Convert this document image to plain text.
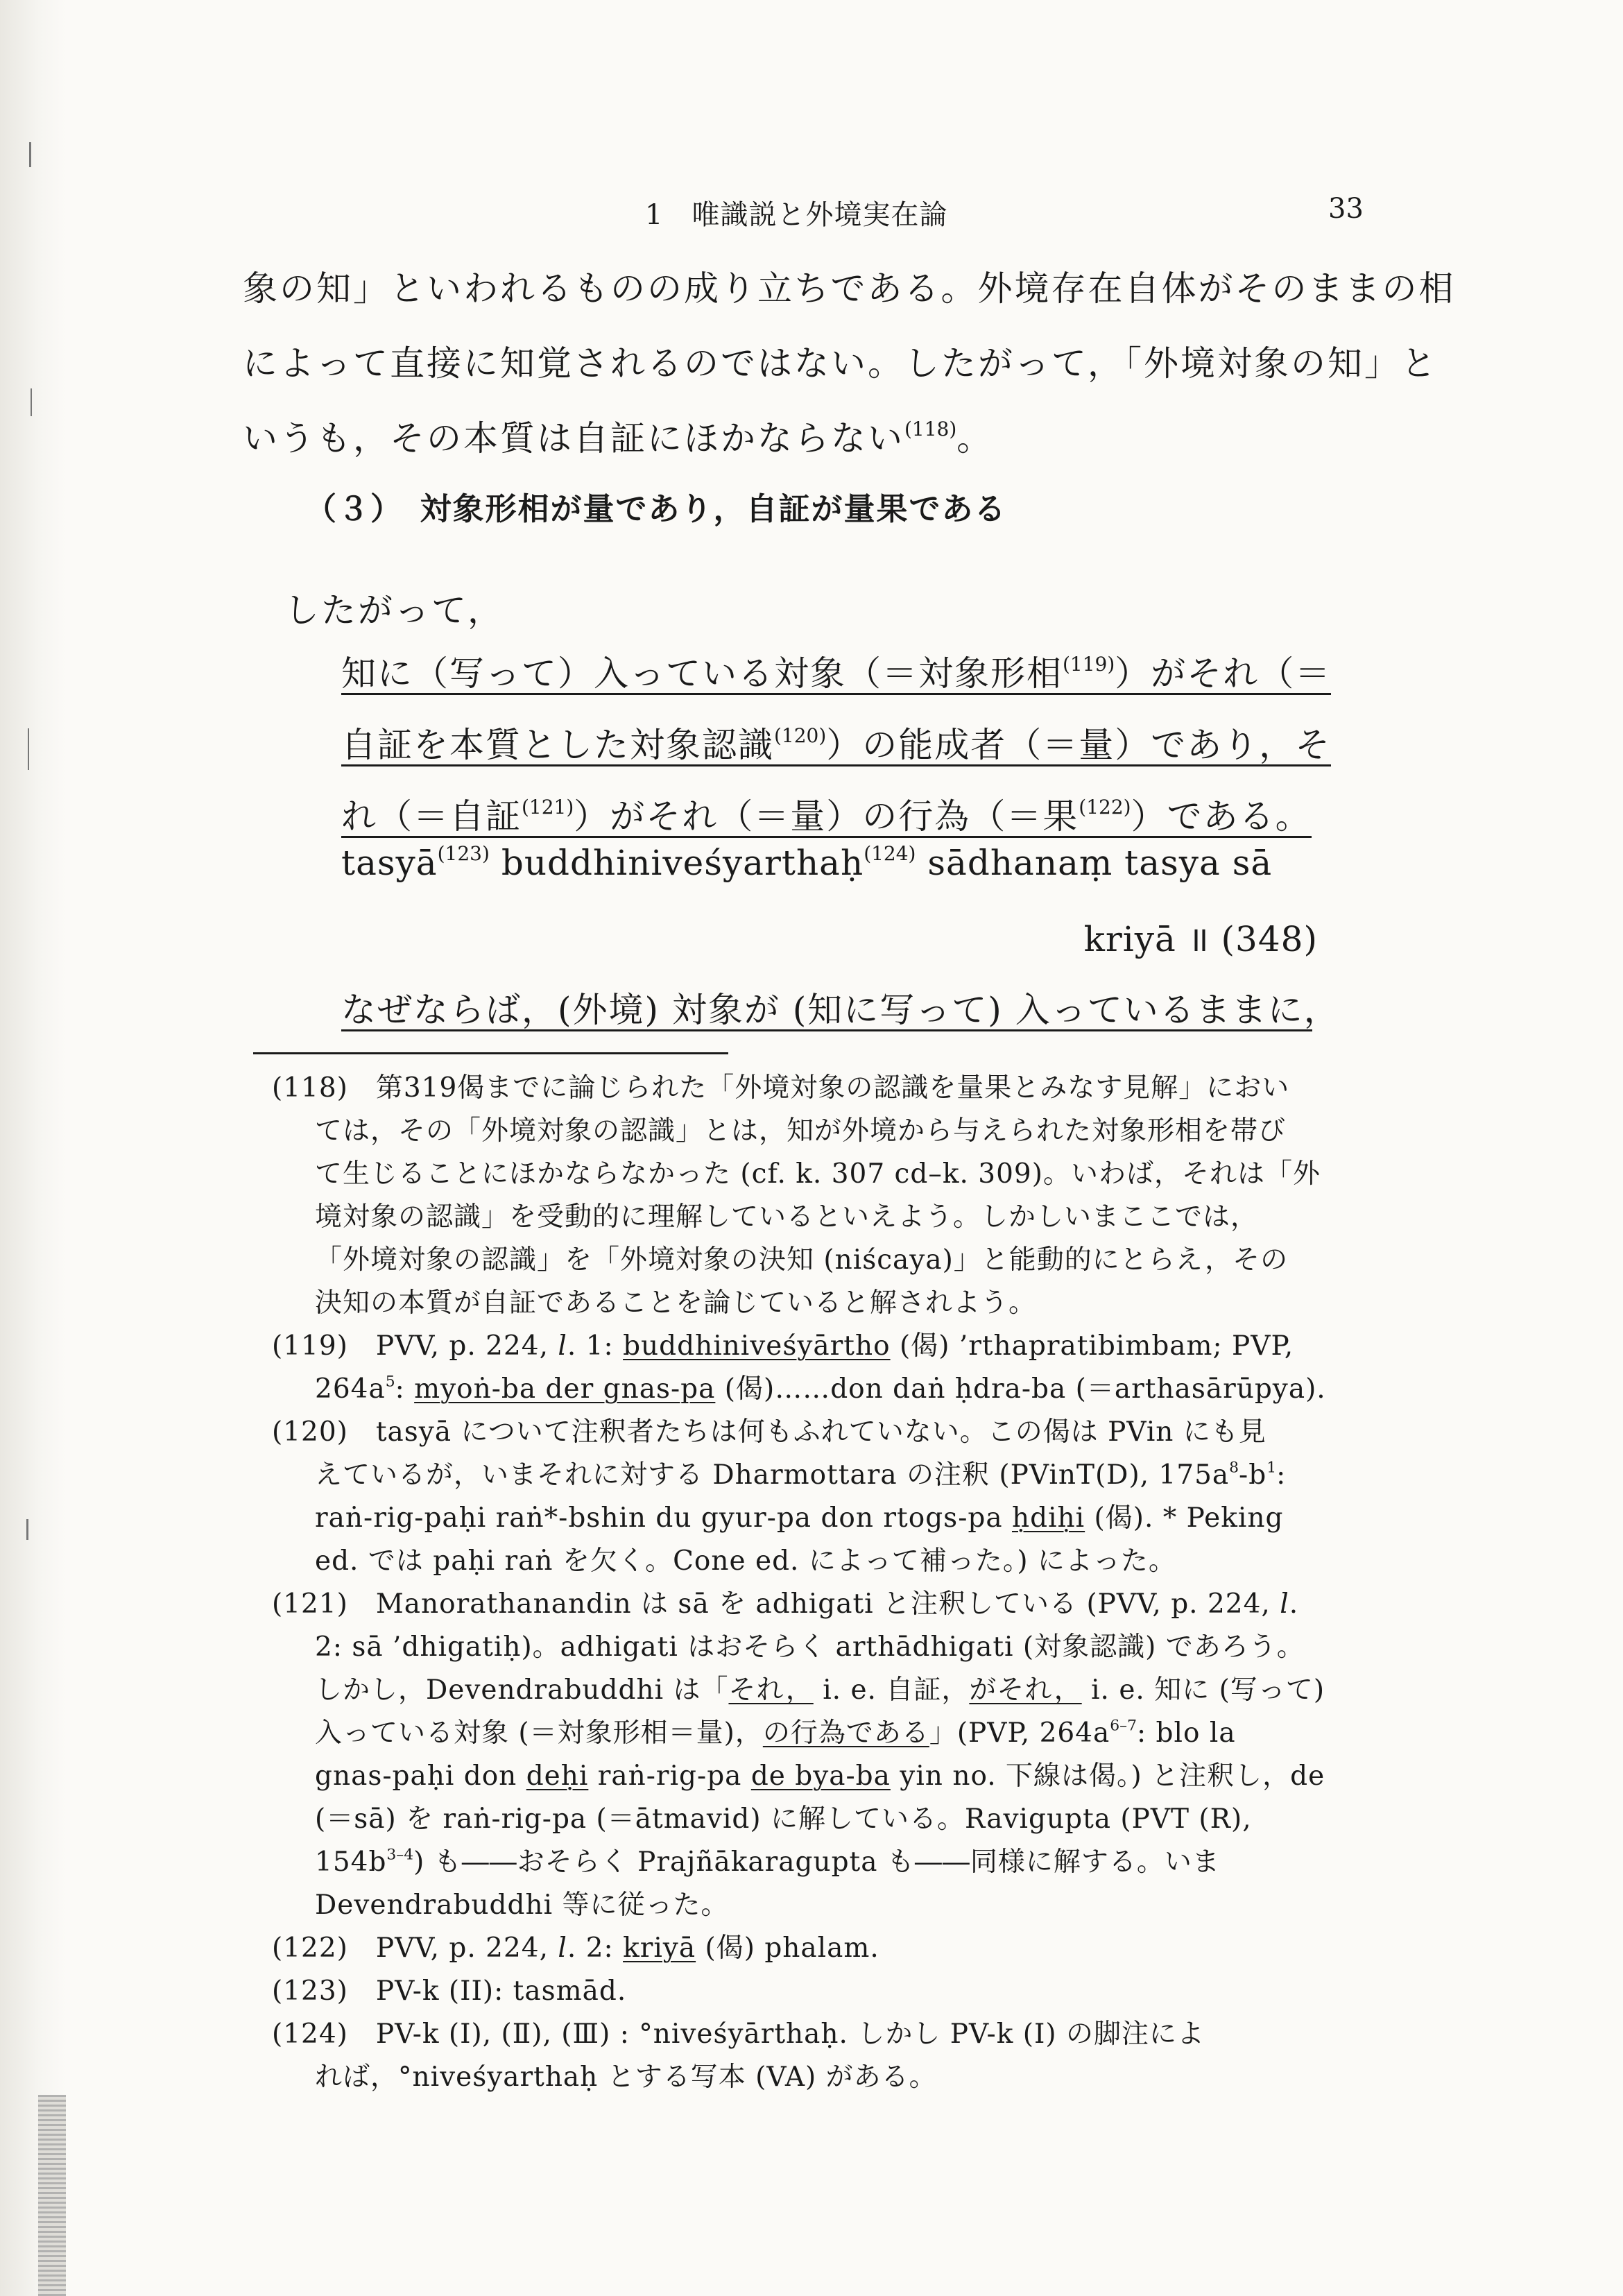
1　唯識説と外境実在論	33
象の知」といわれるものの成り立ちである。外境存在自体がそのままの相
によって直接に知覚されるのではない。したがって，「外境対象の知」と
いうも，その本質は自証にほかならない$^{(118)}$。
（３）　対象形相が量であり，自証が量果である
したがって，
知に（写って）入っている対象（＝対象形相$^{(119)}$）がそれ（＝
自証を本質とした対象認識$^{(120)}$）の能成者（＝量）であり，そ
れ（＝自証$^{(121)}$）がそれ（＝量）の行為（＝果$^{(122)}$）である。
tasyā$^{(123)}$ buddhiniveśyarthaḥ$^{(124)}$ sādhanaṃ tasya sā
kriyā ॥ (348)
なぜならば，(外境) 対象が (知に写って) 入っているままに，
(118)　第319偈までに論じられた「外境対象の認識を量果とみなす見解」におい
ては，その「外境対象の認識」とは，知が外境から与えられた対象形相を帯び
て生じることにほかならなかった (cf. k. 307 cd–k. 309)。いわば，それは「外
境対象の認識」を受動的に理解しているといえよう。しかしいまここでは，
「外境対象の認識」を「外境対象の決知 (niścaya)」と能動的にとらえ，その
決知の本質が自証であることを論じていると解されよう。
(119)　PVV, p. 224, l. 1: buddhiniveśyārtho (偈) ’rthapratibimbam; PVP,
$264a^5$: myoṅ-ba der gnas-pa (偈)……don daṅ ḥdra-ba (＝arthasārūpya).
(120)　tasyā について注釈者たちは何もふれていない。この偈は PVin にも見
えているが，いまそれに対する Dharmottara の注釈 (PVinT(D), $175a^8-b^1$:
raṅ-rig-paḥi raṅ*-bshin du gyur-pa don rtogs-pa ḥdiḥi (偈). * Peking
ed. では paḥi raṅ を欠く。Cone ed. によって補った。) によった。
(121)　Manorathanandin は sā を adhigati と注釈している (PVV, p. 224, l.
2: sā ’dhigatiḥ)。adhigati はおそらく arthādhigati (対象認識) であろう。
しかし，Devendrabuddhi は「それ， i. e. 自証，がそれ， i. e. 知に (写って)
入っている対象 (＝対象形相＝量)，の行為である」(PVP, $264a^{6-7}$: blo la
gnas-paḥi don deḥi raṅ-rig-pa de bya-ba yin no. 下線は偈。) と注釈し，de
(＝sā) を raṅ-rig-pa (＝ātmavid) に解している。Ravigupta (PVT (R),
$154b^{3-4}$) も――おそらく Prajñākaragupta も――同様に解する。いま
Devendrabuddhi 等に従った。
(122)　PVV, p. 224, l. 2: kriyā (偈) phalam.
(123)　PV-k (II): tasmād.
(124)　PV-k (Ⅰ), (Ⅱ), (Ⅲ) : °niveśyārthaḥ. しかし PV-k (Ⅰ) の脚注によ
れば，°niveśyarthaḥ とする写本 (VA) がある。
